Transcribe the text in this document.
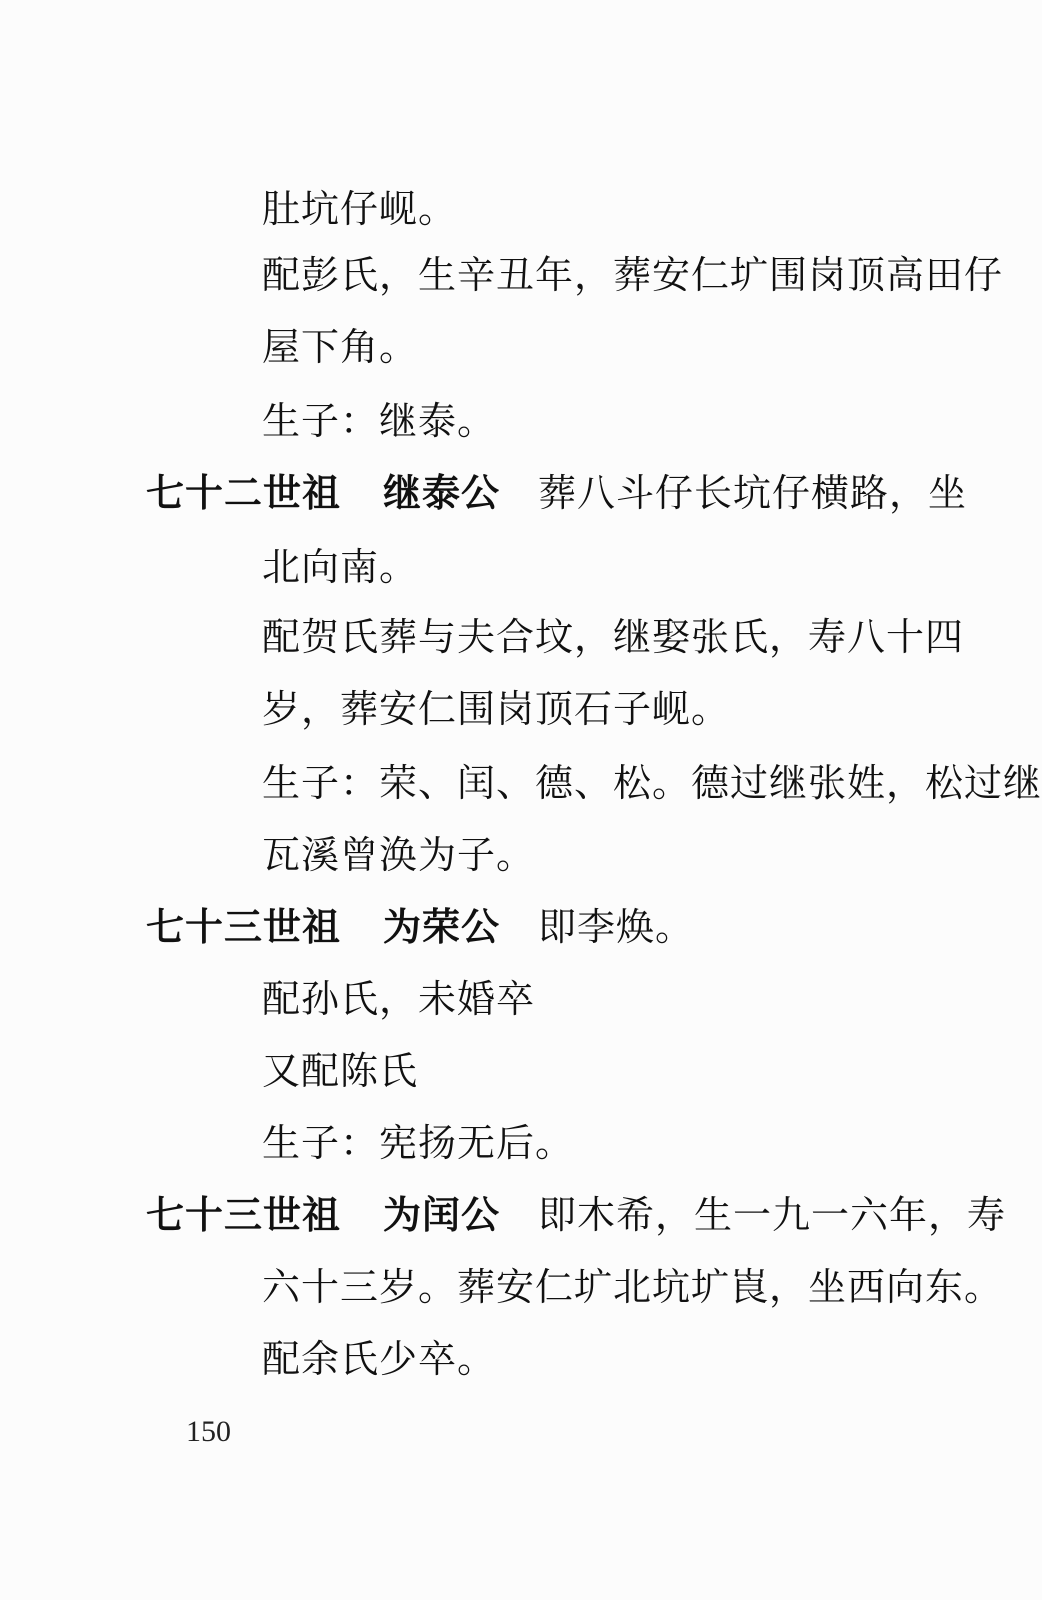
肚坑仔岘。
配彭氏，生辛丑年，葬安仁圹围岗顶高田仔
屋下角。
生子：继泰。
七十二世祖 继泰公 葬八斗仔长坑仔横路，坐
北向南。
配贺氏葬与夫合坟，继娶张氏，寿八十四
岁，葬安仁围岗顶石子岘。
生子：荣、闰、德、松。德过继张姓，松过继
瓦溪曾涣为子。
七十三世祖 为荣公 即李焕。
配孙氏，未婚卒
又配陈氏
生子：宪扬无后。
七十三世祖 为闰公 即木希，生一九一六年，寿
六十三岁。葬安仁圹北坑圹崀，坐西向东。
配余氏少卒。
150
